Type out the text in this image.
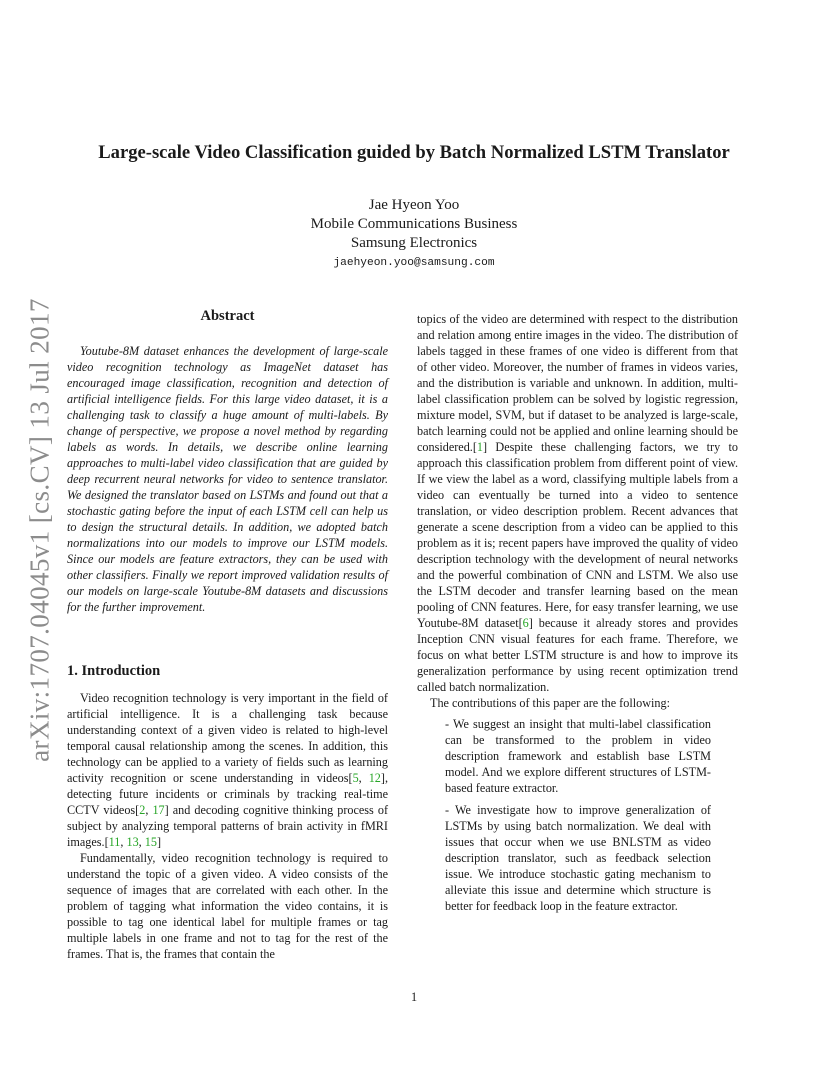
arXiv:1707.04045v1 [cs.CV] 13 Jul 2017
Large-scale Video Classification guided by Batch Normalized LSTM Translator
Jae Hyeon Yoo
Mobile Communications Business
Samsung Electronics
jaehyeon.yoo@samsung.com
Abstract

Youtube-8M dataset enhances the development of large-scale video recognition technology as ImageNet dataset has encouraged image classification, recognition and detection of artificial intelligence fields. For this large video dataset, it is a challenging task to classify a huge amount of multi-labels. By change of perspective, we propose a novel method by regarding labels as words. In details, we describe online learning approaches to multi-label video classification that are guided by deep recurrent neural networks for video to sentence translator. We designed the translator based on LSTMs and found out that a stochastic gating before the input of each LSTM cell can help us to design the structural details. In addition, we adopted batch normalizations into our models to improve our LSTM models. Since our models are feature extractors, they can be used with other classifiers. Finally we report improved validation results of our models on large-scale Youtube-8M datasets and discussions for the further improvement.

1. Introduction

Video recognition technology is very important in the field of artificial intelligence. It is a challenging task because understanding context of a given video is related to high-level temporal causal relationship among the scenes. In addition, this technology can be applied to a variety of fields such as learning activity recognition or scene understanding in videos[5, 12], detecting future incidents or criminals by tracking real-time CCTV videos[2, 17] and decoding cognitive thinking process of subject by analyzing temporal patterns of brain activity in fMRI images.[11, 13, 15]

Fundamentally, video recognition technology is required to understand the topic of a given video. A video consists of the sequence of images that are correlated with each other. In the problem of tagging what information the video contains, it is possible to tag one identical label for multiple frames or tag multiple labels in one frame and not to tag for the rest of the frames. That is, the frames that contain the

topics of the video are determined with respect to the distribution and relation among entire images in the video. The distribution of labels tagged in these frames of one video is different from that of other video. Moreover, the number of frames in videos varies, and the distribution is variable and unknown. In addition, multi-label classification problem can be solved by logistic regression, mixture model, SVM, but if dataset to be analyzed is large-scale, batch learning could not be applied and online learning should be considered.[1] Despite these challenging factors, we try to approach this classification problem from different point of view. If we view the label as a word, classifying multiple labels from a video can eventually be turned into a video to sentence translation, or video description problem. Recent advances that generate a scene description from a video can be applied to this problem as it is; recent papers have improved the quality of video description technology with the development of neural networks and the powerful combination of CNN and LSTM. We also use the LSTM decoder and transfer learning based on the mean pooling of CNN features. Here, for easy transfer learning, we use Youtube-8M dataset[6] because it already stores and provides Inception CNN visual features for each frame. Therefore, we focus on what better LSTM structure is and how to improve its generalization performance by using recent optimization trend called batch normalization.

The contributions of this paper are the following:

- We suggest an insight that multi-label classification can be transformed to the problem in video description framework and establish base LSTM model. And we explore different structures of LSTM-based feature extractor.
- We investigate how to improve generalization of LSTMs by using batch normalization. We deal with issues that occur when we use BNLSTM as video description translator, such as feedback selection issue. We introduce stochastic gating mechanism to alleviate this issue and determine which structure is better for feedback loop in the feature extractor.
1
